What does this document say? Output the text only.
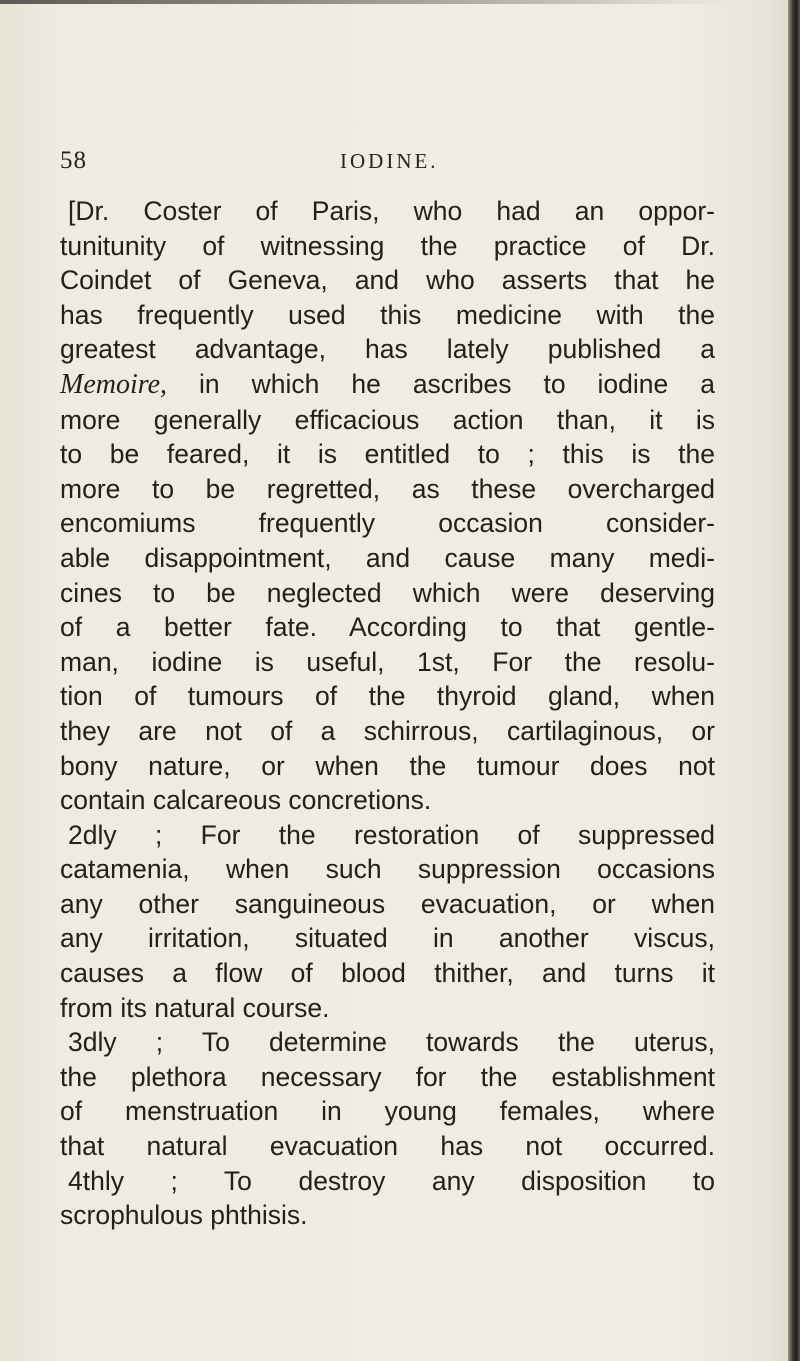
58	IODINE.
[Dr. Coster of Paris, who had an oppor-
tunitunity of witnessing the practice of Dr.
Coindet of Geneva, and who asserts that he
has frequently used this medicine with the
greatest advantage, has lately published a
Memoire, in which he ascribes to iodine a
more generally efficacious action than, it is
to be feared, it is entitled to ; this is the
more to be regretted, as these overcharged
encomiums frequently occasion consider-
able disappointment, and cause many medi-
cines to be neglected which were deserving
of a better fate. According to that gentle-
man, iodine is useful, 1st, For the resolu-
tion of tumours of the thyroid gland, when
they are not of a schirrous, cartilaginous, or
bony nature, or when the tumour does not
contain calcareous concretions.
2dly ; For the restoration of suppressed
catamenia, when such suppression occasions
any other sanguineous evacuation, or when
any irritation, situated in another viscus,
causes a flow of blood thither, and turns it
from its natural course.
3dly ; To determine towards the uterus,
the plethora necessary for the establishment
of menstruation in young females, where
that natural evacuation has not occurred.
4thly ; To destroy any disposition to
scrophulous phthisis.
